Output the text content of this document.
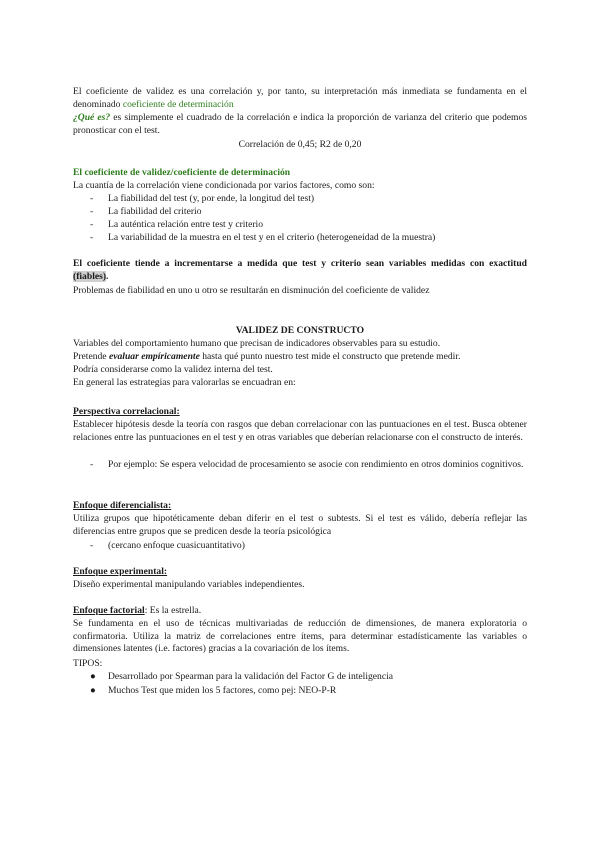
El coeficiente de validez es una correlación y, por tanto, su interpretación más inmediata se fundamenta en el denominado coeficiente de determinación

¿Qué es? es simplemente el cuadrado de la correlación e indica la proporción de varianza del criterio que podemos pronosticar con el test.

Correlación de 0,45; R2 de 0,20

El coeficiente de validez/coeficiente de determinación

La cuantía de la correlación viene condicionada por varios factores, como son:

-	La fiabilidad del test (y, por ende, la longitud del test)
-	La fiabilidad del criterio
-	La auténtica relación entre test y criterio
-	La variabilidad de la muestra en el test y en el criterio (heterogeneidad de la muestra)

El coeficiente tiende a incrementarse a medida que test y criterio sean variables medidas con exactitud (fiables).

Problemas de fiabilidad en uno u otro se resultarán en disminución del coeficiente de validez

VALIDEZ DE CONSTRUCTO

Variables del comportamiento humano que precisan de indicadores observables para su estudio.

Pretende evaluar empíricamente hasta qué punto nuestro test mide el constructo que pretende medir.

Podría considerarse como la validez interna del test.

En general las estrategias para valorarlas se encuadran en:

Perspectiva correlacional:

Establecer hipótesis desde la teoría con rasgos que deban correlacionar con las puntuaciones en el test. Busca obtener relaciones entre las puntuaciones en el test y en otras variables que deberían relacionarse con el constructo de interés.

-	Por ejemplo: Se espera velocidad de procesamiento se asocie con rendimiento en otros dominios cognitivos.

Enfoque diferencialista:

Utiliza grupos que hipotéticamente deban diferir en el test o subtests. Si el test es válido, debería reflejar las diferencias entre grupos que se predicen desde la teoría psicológica

-	(cercano enfoque cuasicuantitativo)

Enfoque experimental:

Diseño experimental manipulando variables independientes.

Enfoque factorial: Es la estrella.

Se fundamenta en el uso de técnicas multivariadas de reducción de dimensiones, de manera exploratoria o confirmatoria. Utiliza la matriz de correlaciones entre ítems, para determinar estadísticamente las variables o dimensiones latentes (i.e. factores) gracias a la covariación de los ítems.

TIPOS:

●	Desarrollado por Spearman para la validación del Factor G de inteligencia
●	Muchos Test que miden los 5 factores, como pej: NEO-P-R
